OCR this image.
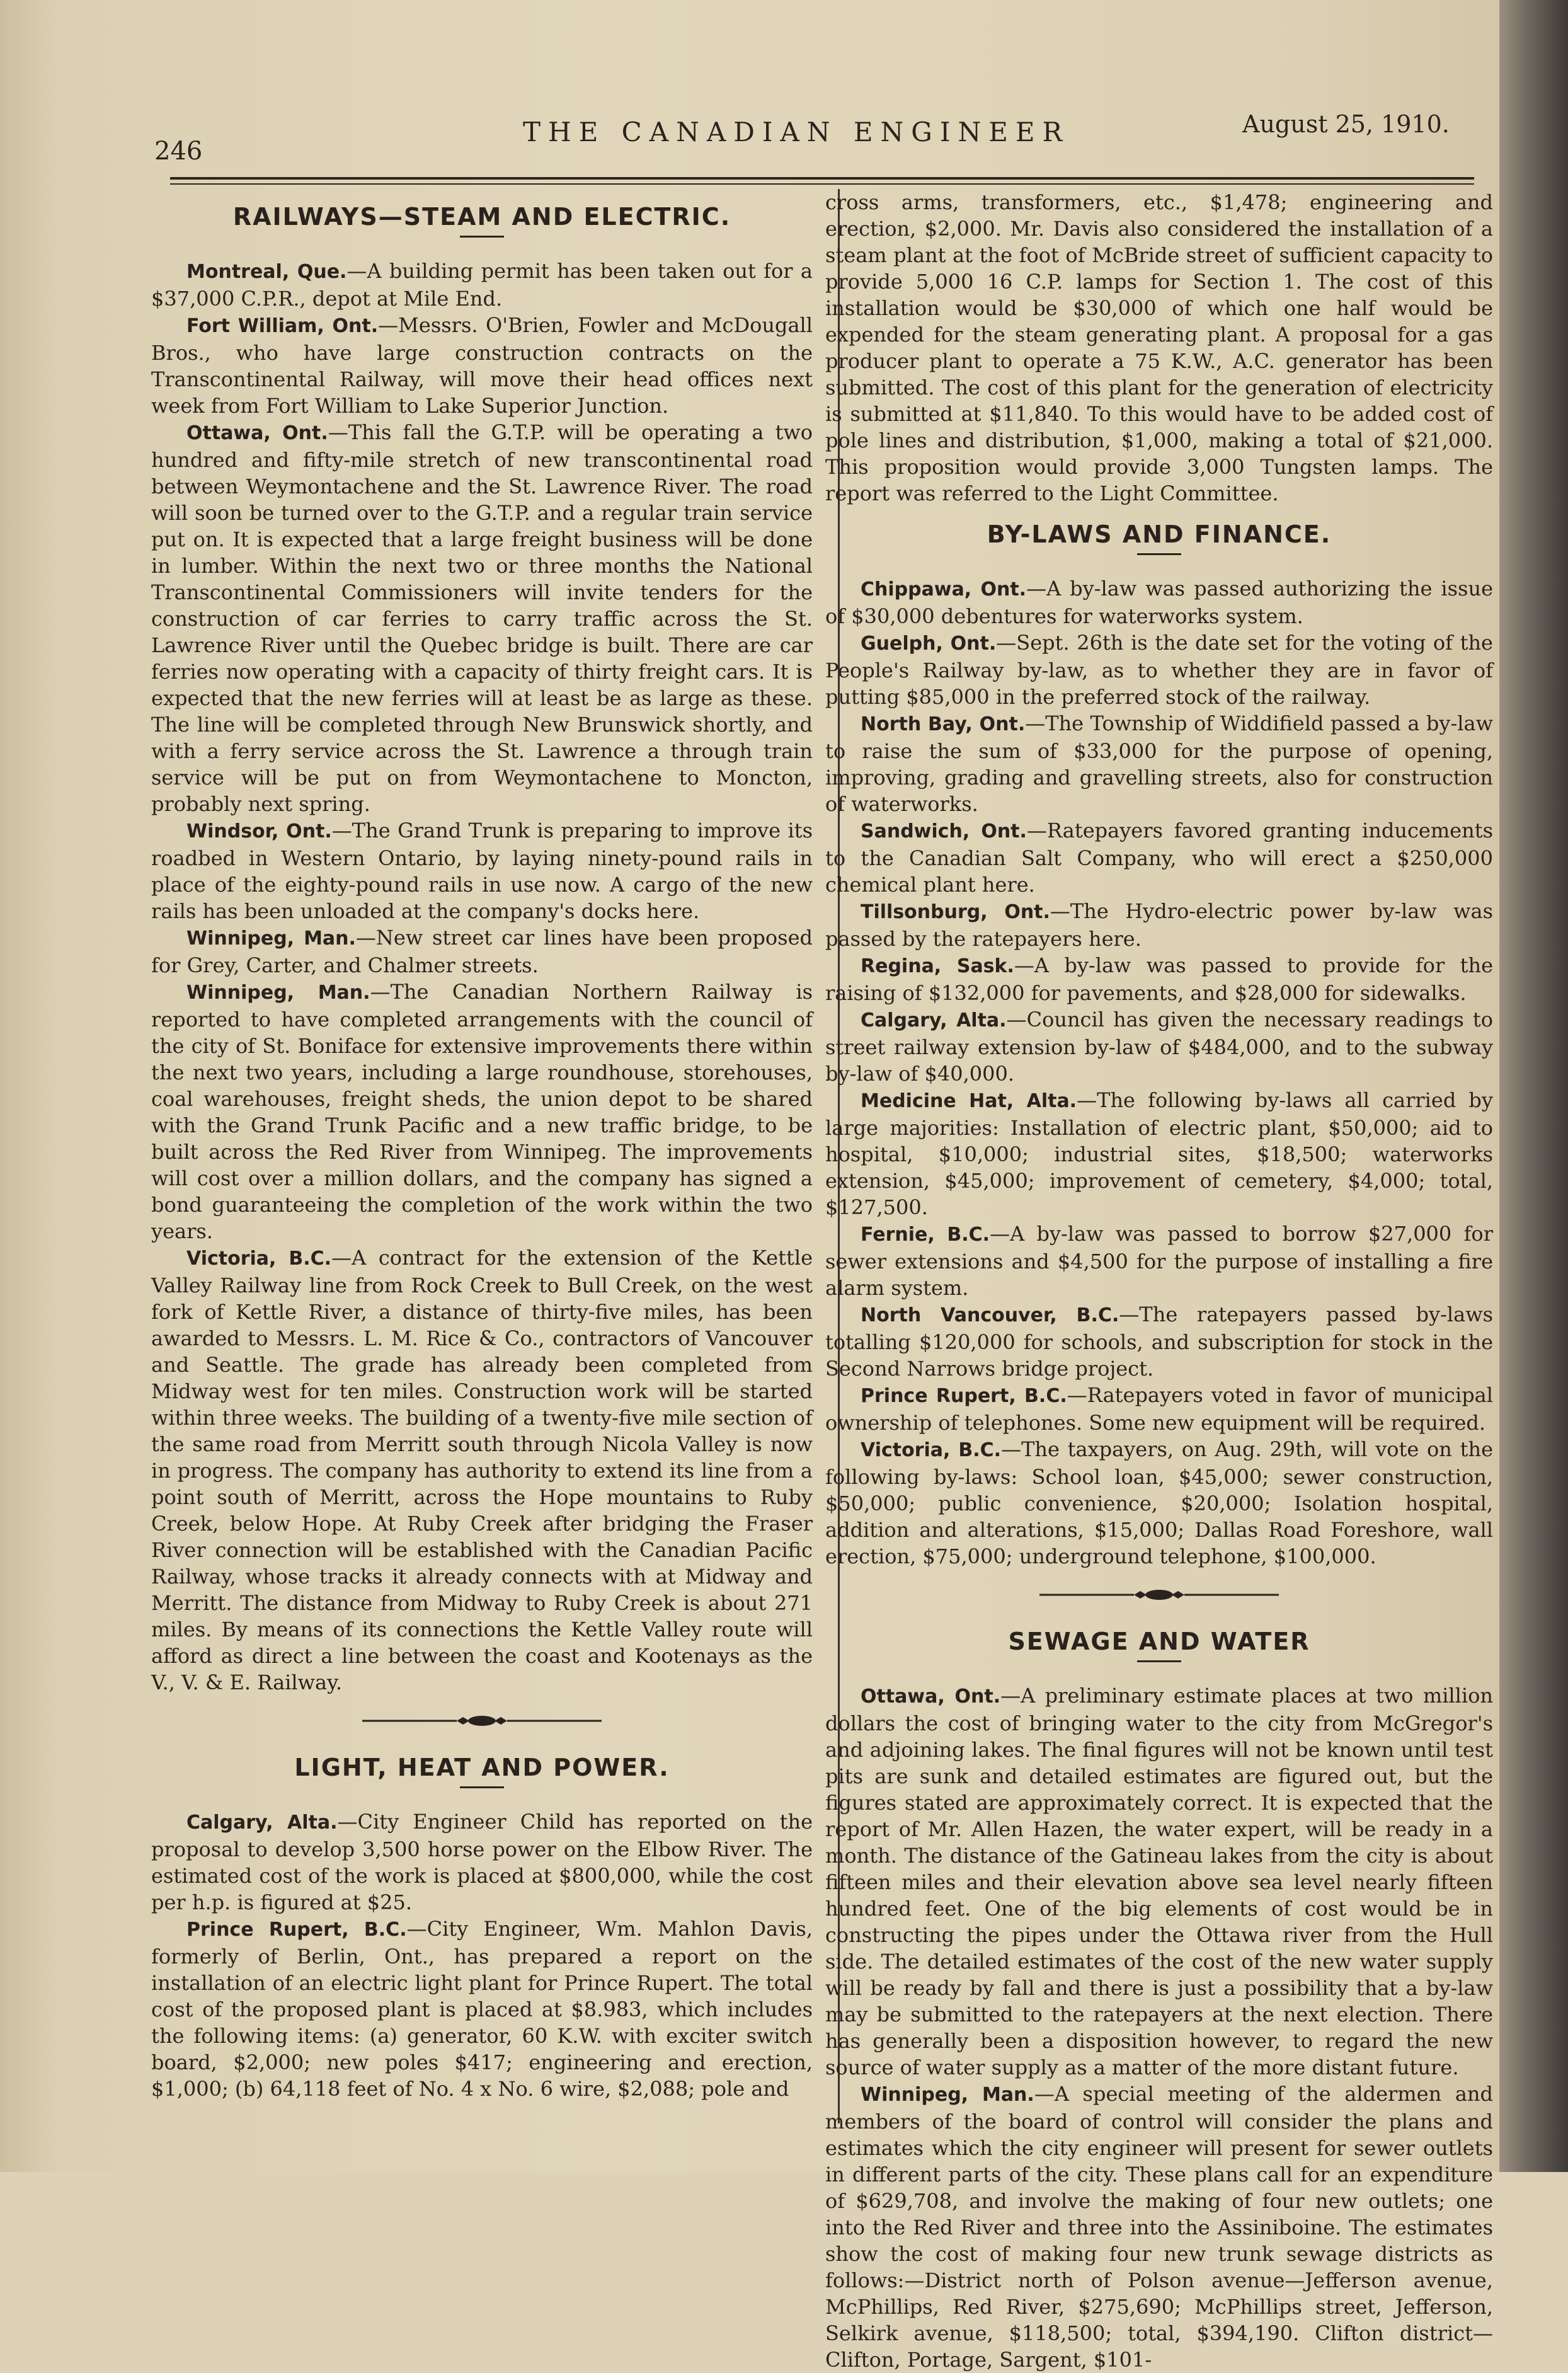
246
THE CANADIAN ENGINEER	August 25, 1910.
RAILWAYS—STEAM AND ELECTRIC.

Montreal, Que.—A building permit has been taken out for a $37,000 C.P.R., depot at Mile End.

Fort William, Ont.—Messrs. O'Brien, Fowler and McDougall Bros., who have large construction contracts on the Transcontinental Railway, will move their head offices next week from Fort William to Lake Superior Junction.

Ottawa, Ont.—This fall the G.T.P. will be operating a two hundred and fifty-mile stretch of new transcontinental road between Weymontachene and the St. Lawrence River. The road will soon be turned over to the G.T.P. and a regular train service put on. It is expected that a large freight business will be done in lumber. Within the next two or three months the National Transcontinental Commissioners will invite tenders for the construction of car ferries to carry traffic across the St. Lawrence River until the Quebec bridge is built. There are car ferries now operating with a capacity of thirty freight cars. It is expected that the new ferries will at least be as large as these. The line will be completed through New Brunswick shortly, and with a ferry service across the St. Lawrence a through train service will be put on from Weymontachene to Moncton, probably next spring.

Windsor, Ont.—The Grand Trunk is preparing to improve its roadbed in Western Ontario, by laying ninety-pound rails in place of the eighty-pound rails in use now. A cargo of the new rails has been unloaded at the company's docks here.

Winnipeg, Man.—New street car lines have been proposed for Grey, Carter, and Chalmer streets.

Winnipeg, Man.—The Canadian Northern Railway is reported to have completed arrangements with the council of the city of St. Boniface for extensive improvements there within the next two years, including a large roundhouse, storehouses, coal warehouses, freight sheds, the union depot to be shared with the Grand Trunk Pacific and a new traffic bridge, to be built across the Red River from Winnipeg. The improvements will cost over a million dollars, and the company has signed a bond guaranteeing the completion of the work within the two years.

Victoria, B.C.—A contract for the extension of the Kettle Valley Railway line from Rock Creek to Bull Creek, on the west fork of Kettle River, a distance of thirty-five miles, has been awarded to Messrs. L. M. Rice & Co., contractors of Vancouver and Seattle. The grade has already been completed from Midway west for ten miles. Construction work will be started within three weeks. The building of a twenty-five mile section of the same road from Merritt south through Nicola Valley is now in progress. The company has authority to extend its line from a point south of Merritt, across the Hope mountains to Ruby Creek, below Hope. At Ruby Creek after bridging the Fraser River connection will be established with the Canadian Pacific Railway, whose tracks it already connects with at Midway and Merritt. The distance from Midway to Ruby Creek is about 271 miles. By means of its connections the Kettle Valley route will afford as direct a line between the coast and Kootenays as the V., V. & E. Railway.

LIGHT, HEAT AND POWER.

Calgary, Alta.—City Engineer Child has reported on the proposal to develop 3,500 horse power on the Elbow River. The estimated cost of the work is placed at $800,000, while the cost per h.p. is figured at $25.

Prince Rupert, B.C.—City Engineer, Wm. Mahlon Davis, formerly of Berlin, Ont., has prepared a report on the installation of an electric light plant for Prince Rupert. The total cost of the proposed plant is placed at $8.983, which includes the following items: (a) generator, 60 K.W. with exciter switch board, $2,000; new poles $417; engineering and erection, $1,000; (b) 64,118 feet of No. 4 x No. 6 wire, $2,088; pole and

cross arms, transformers, etc., $1,478; engineering and erection, $2,000. Mr. Davis also considered the installation of a steam plant at the foot of McBride street of sufficient capacity to provide 5,000 16 C.P. lamps for Section 1. The cost of this installation would be $30,000 of which one half would be expended for the steam generating plant. A proposal for a gas producer plant to operate a 75 K.W., A.C. generator has been submitted. The cost of this plant for the generation of electricity is submitted at $11,840. To this would have to be added cost of pole lines and distribution, $1,000, making a total of $21,000. This proposition would provide 3,000 Tungsten lamps. The report was referred to the Light Committee.

BY-LAWS AND FINANCE.

Chippawa, Ont.—A by-law was passed authorizing the issue of $30,000 debentures for waterworks system.

Guelph, Ont.—Sept. 26th is the date set for the voting of the People's Railway by-law, as to whether they are in favor of putting $85,000 in the preferred stock of the railway.

North Bay, Ont.—The Township of Widdifield passed a by-law to raise the sum of $33,000 for the purpose of opening, improving, grading and gravelling streets, also for construction of waterworks.

Sandwich, Ont.—Ratepayers favored granting inducements to the Canadian Salt Company, who will erect a $250,000 chemical plant here.

Tillsonburg, Ont.—The Hydro-electric power by-law was passed by the ratepayers here.

Regina, Sask.—A by-law was passed to provide for the raising of $132,000 for pavements, and $28,000 for sidewalks.

Calgary, Alta.—Council has given the necessary readings to street railway extension by-law of $484,000, and to the subway by-law of $40,000.

Medicine Hat, Alta.—The following by-laws all carried by large majorities: Installation of electric plant, $50,000; aid to hospital, $10,000; industrial sites, $18,500; waterworks extension, $45,000; improvement of cemetery, $4,000; total, $127,500.

Fernie, B.C.—A by-law was passed to borrow $27,000 for sewer extensions and $4,500 for the purpose of installing a fire alarm system.

North Vancouver, B.C.—The ratepayers passed by-laws totalling $120,000 for schools, and subscription for stock in the Second Narrows bridge project.

Prince Rupert, B.C.—Ratepayers voted in favor of municipal ownership of telephones. Some new equipment will be required.

Victoria, B.C.—The taxpayers, on Aug. 29th, will vote on the following by-laws: School loan, $45,000; sewer construction, $50,000; public convenience, $20,000; Isolation hospital, addition and alterations, $15,000; Dallas Road Foreshore, wall erection, $75,000; underground telephone, $100,000.

SEWAGE AND WATER

Ottawa, Ont.—A preliminary estimate places at two million dollars the cost of bringing water to the city from McGregor's and adjoining lakes. The final figures will not be known until test pits are sunk and detailed estimates are figured out, but the figures stated are approximately correct. It is expected that the report of Mr. Allen Hazen, the water expert, will be ready in a month. The distance of the Gatineau lakes from the city is about fifteen miles and their elevation above sea level nearly fifteen hundred feet. One of the big elements of cost would be in constructing the pipes under the Ottawa river from the Hull side. The detailed estimates of the cost of the new water supply will be ready by fall and there is just a possibility that a by-law may be submitted to the ratepayers at the next election. There has generally been a disposition however, to regard the new source of water supply as a matter of the more distant future.

Winnipeg, Man.—A special meeting of the aldermen and members of the board of control will consider the plans and estimates which the city engineer will present for sewer outlets in different parts of the city. These plans call for an expenditure of $629,708, and involve the making of four new outlets; one into the Red River and three into the Assiniboine. The estimates show the cost of making four new trunk sewage districts as follows:—District north of Polson avenue—Jefferson avenue, McPhillips, Red River, $275,690; McPhillips street, Jefferson, Selkirk avenue, $118,500; total, $394,190. Clifton district—Clifton, Portage, Sargent, $101-
